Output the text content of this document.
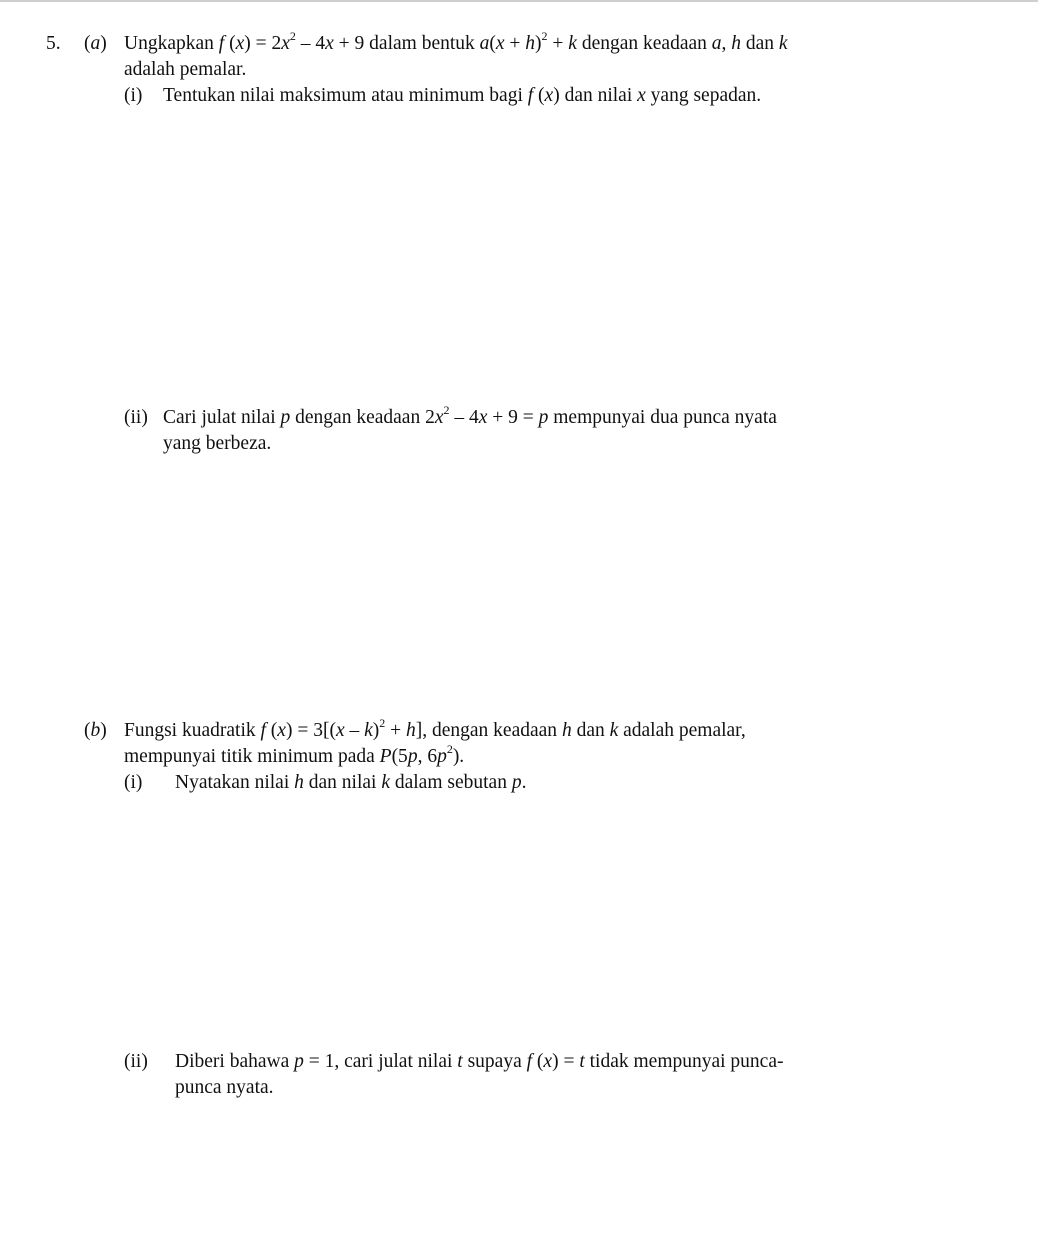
5. (a) Ungkapkan f $(x) = 2x^2 - 4x + 9$ dalam bentuk $a(x + h)^2 + k$ dengan keadaan a, h dan k
adalah pemalar.
(i) Tentukan nilai maksimum atau minimum bagi f (x) dan nilai x yang sepadan.
(ii) Cari julat nilai p dengan keadaan $2x^2 - 4x + 9 = p$ mempunyai dua punca nyata
yang berbeza.
(b) Fungsi kuadratik f (x) = 3[(x – k)$^2$ + h], dengan keadaan h dan k adalah pemalar,
mempunyai titik minimum pada P(5p, $6p^2$).
(i) Nyatakan nilai h dan nilai k dalam sebutan p.
(ii) Diberi bahawa p = 1, cari julat nilai t supaya f (x) = t tidak mempunyai punca-
punca nyata.
